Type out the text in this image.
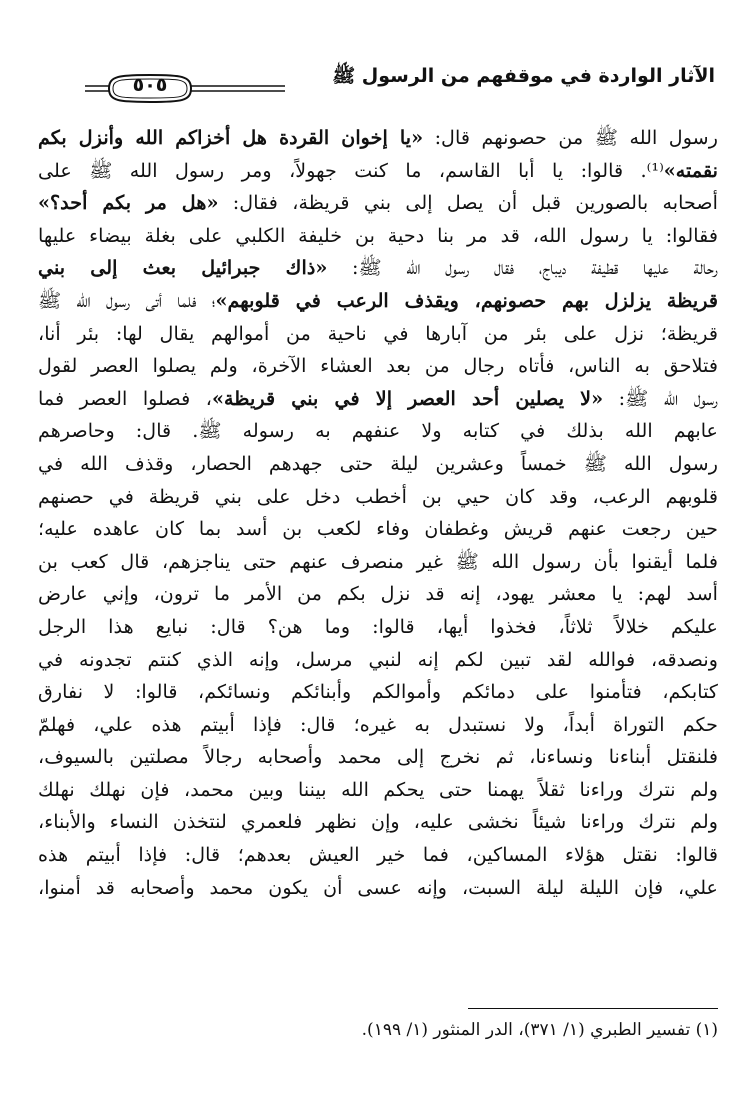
الآثار الواردة في موقفهم من الرسول ﷺ
٥٠٥
رسول الله ﷺ من حصونهم قال: «يا إخوان القردة هل أخزاكم الله وأنزل بكم
نقمته»⁽¹⁾. قالوا: يا أبا القاسم، ما كنت جهولاً، ومر رسول الله ﷺ على
أصحابه بالصورين قبل أن يصل إلى بني قريظة، فقال: «هل مر بكم أحد؟»
فقالوا: يا رسول الله، قد مر بنا دحية بن خليفة الكلبي على بغلة بيضاء عليها
رحالة عليها قطيفة ديباج، فقال رسول الله ﷺ: «ذاك جبرائيل بعث إلى بني
قريظة يزلزل بهم حصونهم، ويقذف الرعب في قلوبهم»؛ فلما أتى رسول الله ﷺ
قريظة؛ نزل على بئر من آبارها في ناحية من أموالهم يقال لها: بئر أنا،
فتلاحق به الناس، فأتاه رجال من بعد العشاء الآخرة، ولم يصلوا العصر لقول
رسول الله ﷺ: «لا يصلين أحد العصر إلا في بني قريظة»، فصلوا العصر فما
عابهم الله بذلك في كتابه ولا عنفهم به رسوله ﷺ. قال: وحاصرهم
رسول الله ﷺ خمساً وعشرين ليلة حتى جهدهم الحصار، وقذف الله في
قلوبهم الرعب، وقد كان حيي بن أخطب دخل على بني قريظة في حصنهم
حين رجعت عنهم قريش وغطفان وفاء لكعب بن أسد بما كان عاهده عليه؛
فلما أيقنوا بأن رسول الله ﷺ غير منصرف عنهم حتى يناجزهم، قال كعب بن
أسد لهم: يا معشر يهود، إنه قد نزل بكم من الأمر ما ترون، وإني عارض
عليكم خلالاً ثلاثاً، فخذوا أيها، قالوا: وما هن؟ قال: نبايع هذا الرجل
ونصدقه، فوالله لقد تبين لكم إنه لنبي مرسل، وإنه الذي كنتم تجدونه في
كتابكم، فتأمنوا على دمائكم وأموالكم وأبنائكم ونسائكم، قالوا: لا نفارق
حكم التوراة أبداً، ولا نستبدل به غيره؛ قال: فإذا أبيتم هذه علي، فهلمّ
فلنقتل أبناءنا ونساءنا، ثم نخرج إلى محمد وأصحابه رجالاً مصلتين بالسيوف،
ولم نترك وراءنا ثقلاً يهمنا حتى يحكم الله بيننا وبين محمد، فإن نهلك نهلك
ولم نترك وراءنا شيئاً نخشى عليه، وإن نظهر فلعمري لنتخذن النساء والأبناء،
قالوا: نقتل هؤلاء المساكين، فما خير العيش بعدهم؛ قال: فإذا أبيتم هذه
علي، فإن الليلة ليلة السبت، وإنه عسى أن يكون محمد وأصحابه قد أمنوا،
(١) تفسير الطبري (١/ ٣٧١)، الدر المنثور (١/ ١٩٩).
